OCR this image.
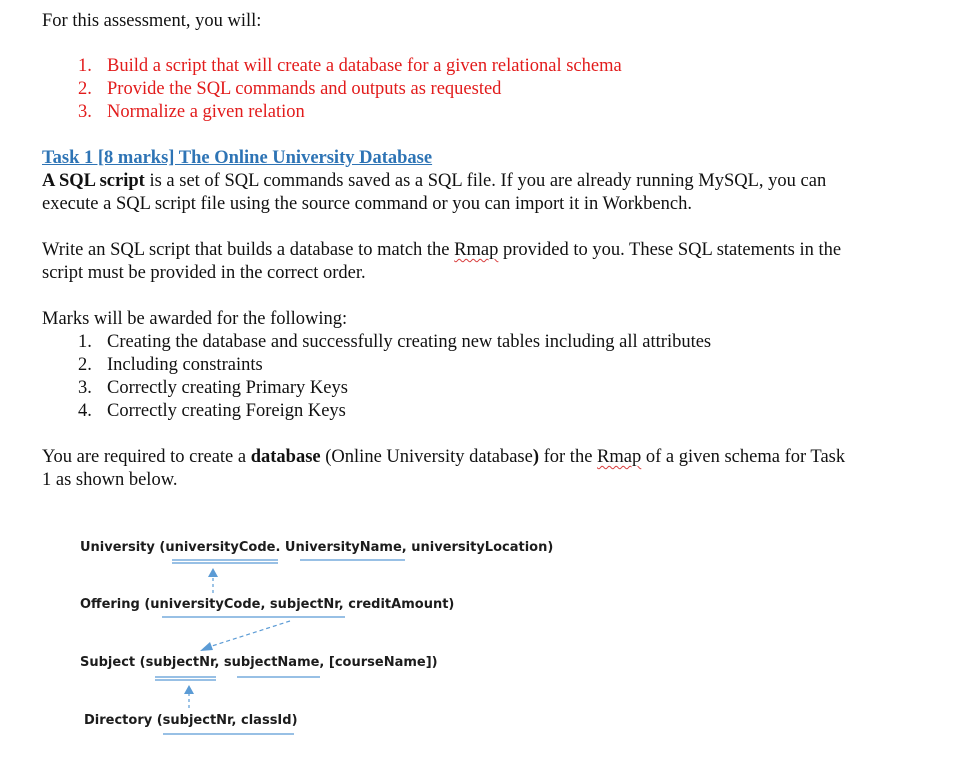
For this assessment, you will:
1. Build a script that will create a database for a given relational schema
2. Provide the SQL commands and outputs as requested
3. Normalize a given relation
Task 1 [8 marks] The Online University Database
A SQL script is a set of SQL commands saved as a SQL file. If you are already running MySQL, you can
execute a SQL script file using the source command or you can import it in Workbench.
Write an SQL script that builds a database to match the Rmap provided to you. These SQL statements in the
script must be provided in the correct order.
Marks will be awarded for the following:
1. Creating the database and successfully creating new tables including all attributes
2. Including constraints
3. Correctly creating Primary Keys
4. Correctly creating Foreign Keys
You are required to create a database (Online University database) for the Rmap of a given schema for Task
1 as shown below.
University (universityCode. UniversityName, universityLocation)
Offering (universityCode, subjectNr, creditAmount)
Subject (subjectNr, subjectName, [courseName])
Directory (subjectNr, classId)
